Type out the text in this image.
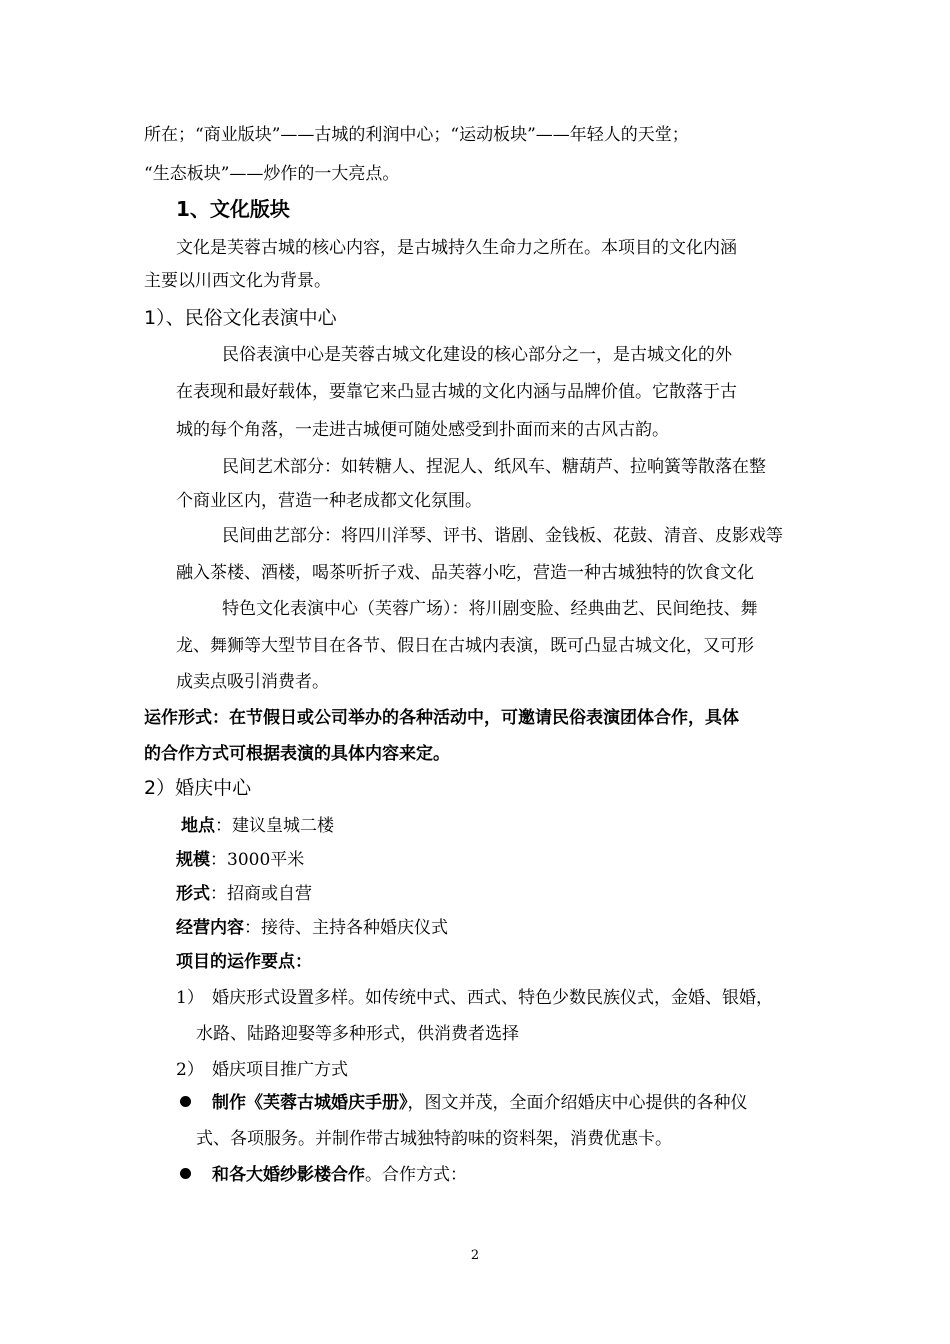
所在；“商业版块”——古城的利润中心；“运动板块”——年轻人的天堂；
“生态板块”——炒作的一大亮点。
1、文化版块
文化是芙蓉古城的核心内容，是古城持久生命力之所在。本项目的文化内涵
主要以川西文化为背景。
1）、民俗文化表演中心
民俗表演中心是芙蓉古城文化建设的核心部分之一，是古城文化的外
在表现和最好载体，要靠它来凸显古城的文化内涵与品牌价值。它散落于古
城的每个角落，一走进古城便可随处感受到扑面而来的古风古韵。
民间艺术部分：如转糖人、捏泥人、纸风车、糖葫芦、拉响簧等散落在整
个商业区内，营造一种老成都文化氛围。
民间曲艺部分：将四川洋琴、评书、谐剧、金钱板、花鼓、清音、皮影戏等
融入茶楼、酒楼，喝茶听折子戏、品芙蓉小吃，营造一种古城独特的饮食文化
特色文化表演中心（芙蓉广场）：将川剧变脸、经典曲艺、民间绝技、舞
龙、舞狮等大型节目在各节、假日在古城内表演，既可凸显古城文化，又可形
成卖点吸引消费者。
运作形式：在节假日或公司举办的各种活动中，可邀请民俗表演团体合作，具体
的合作方式可根据表演的具体内容来定。
2）婚庆中心
地点：建议皇城二楼
规模：3000平米
形式：招商或自营
经营内容：接待、主持各种婚庆仪式
项目的运作要点：
1） 婚庆形式设置多样。如传统中式、西式、特色少数民族仪式，金婚、银婚，
水路、陆路迎娶等多种形式，供消费者选择
2） 婚庆项目推广方式
制作《芙蓉古城婚庆手册》，图文并茂，全面介绍婚庆中心提供的各种仪
式、各项服务。并制作带古城独特韵味的资料架，消费优惠卡。
和各大婚纱影楼合作。合作方式：
2
